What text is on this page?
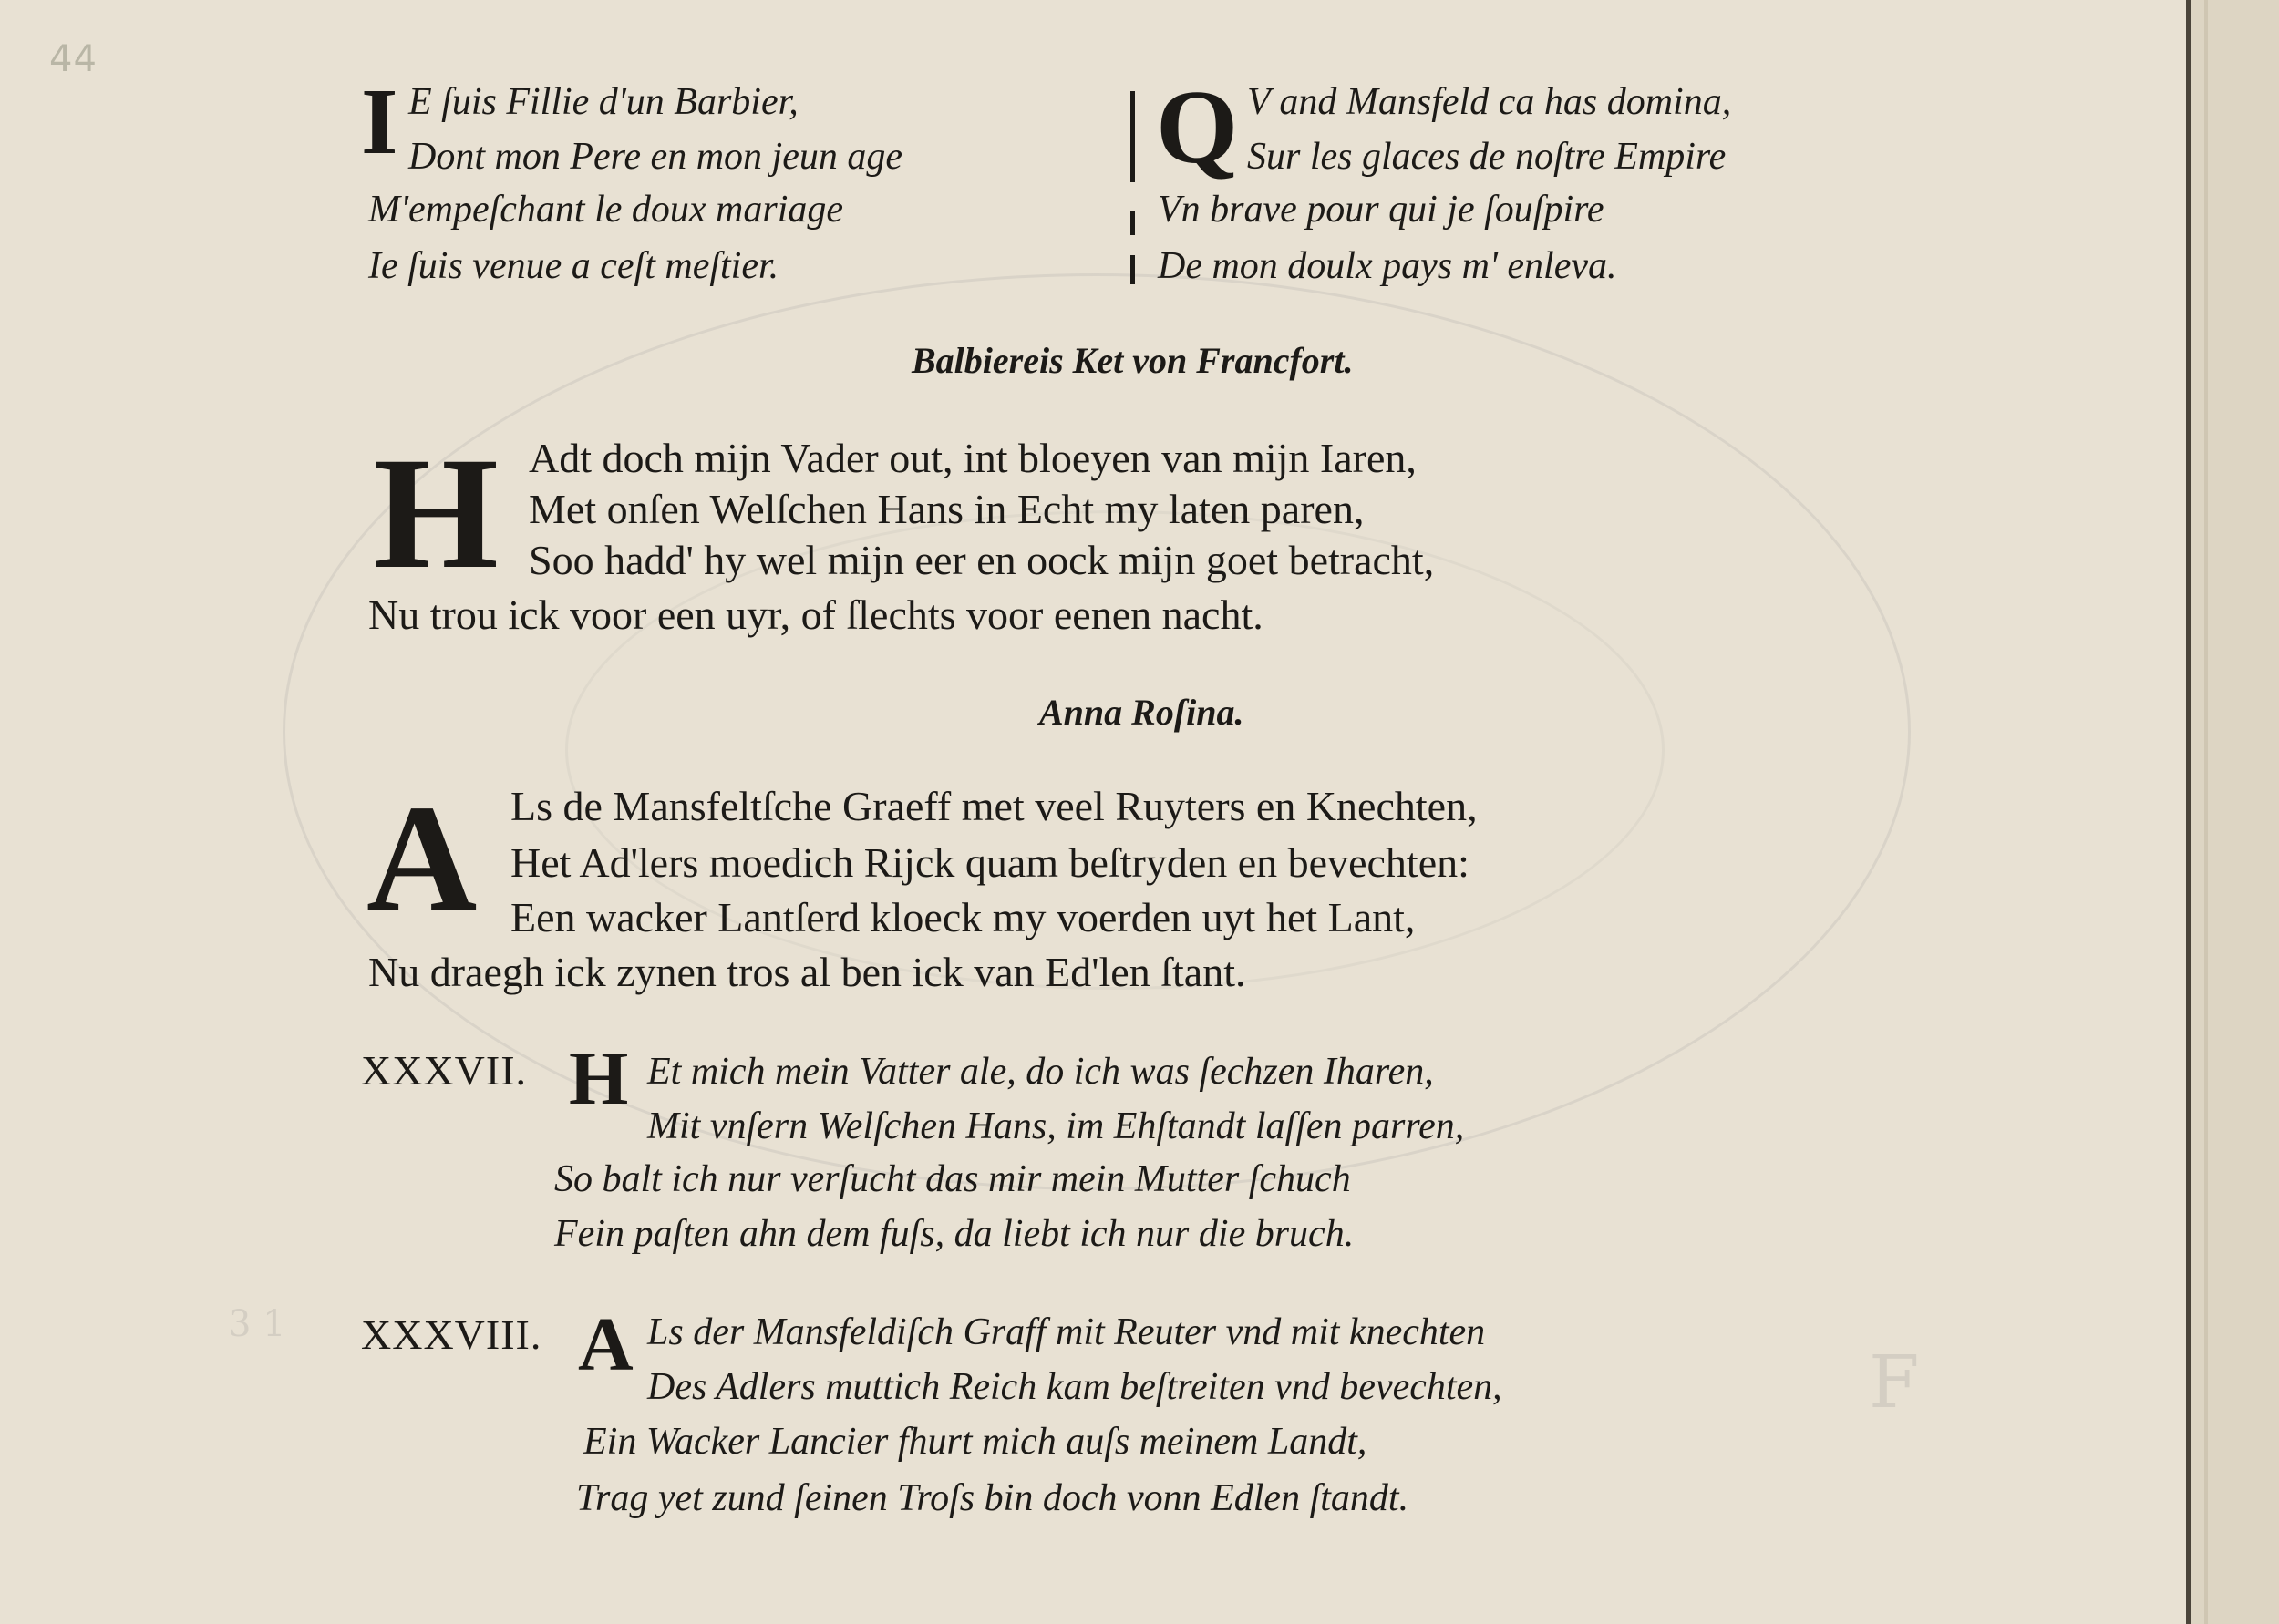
3 1
F
44
I E ſuis Fillie d'un Barbier,
Dont mon Pere en mon jeun age
M'empeſchant le doux mariage
Ie ſuis venue a ceſt meſtier.
Q V and Mansfeld ca has domina,
Sur les glaces de noſtre Empire
Vn brave pour qui je ſouſpire
De mon doulx pays m' enleva.
Balbiereis Ket von Francfort.
H Adt doch mijn Vader out, int bloeyen van mijn Iaren,
Met onſen Welſchen Hans in Echt my laten paren,
Soo hadd' hy wel mijn eer en oock mijn goet betracht,
Nu trou ick voor een uyr, of ſlechts voor eenen nacht.
Anna Roſina.
A Ls de Mansfeltſche Graeff met veel Ruyters en Knechten,
Het Ad'lers moedich Rijck quam beſtryden en bevechten:
Een wacker Lantſerd kloeck my voerden uyt het Lant,
Nu draegh ick zynen tros al ben ick van Ed'len ſtant.
XXXVII. H Et mich mein Vatter ale, do ich was ſechzen Iharen,
Mit vnſern Welſchen Hans, im Ehſtandt laſſen parren,
So balt ich nur verſucht das mir mein Mutter ſchuch
Fein paſten ahn dem fuſs, da liebt ich nur die bruch.
XXXVIII. A Ls der Mansfeldiſch Graff mit Reuter vnd mit knechten
Des Adlers muttich Reich kam beſtreiten vnd bevechten,
Ein Wacker Lancier fhurt mich auſs meinem Landt,
Trag yet zund ſeinen Troſs bin doch vonn Edlen ſtandt.
